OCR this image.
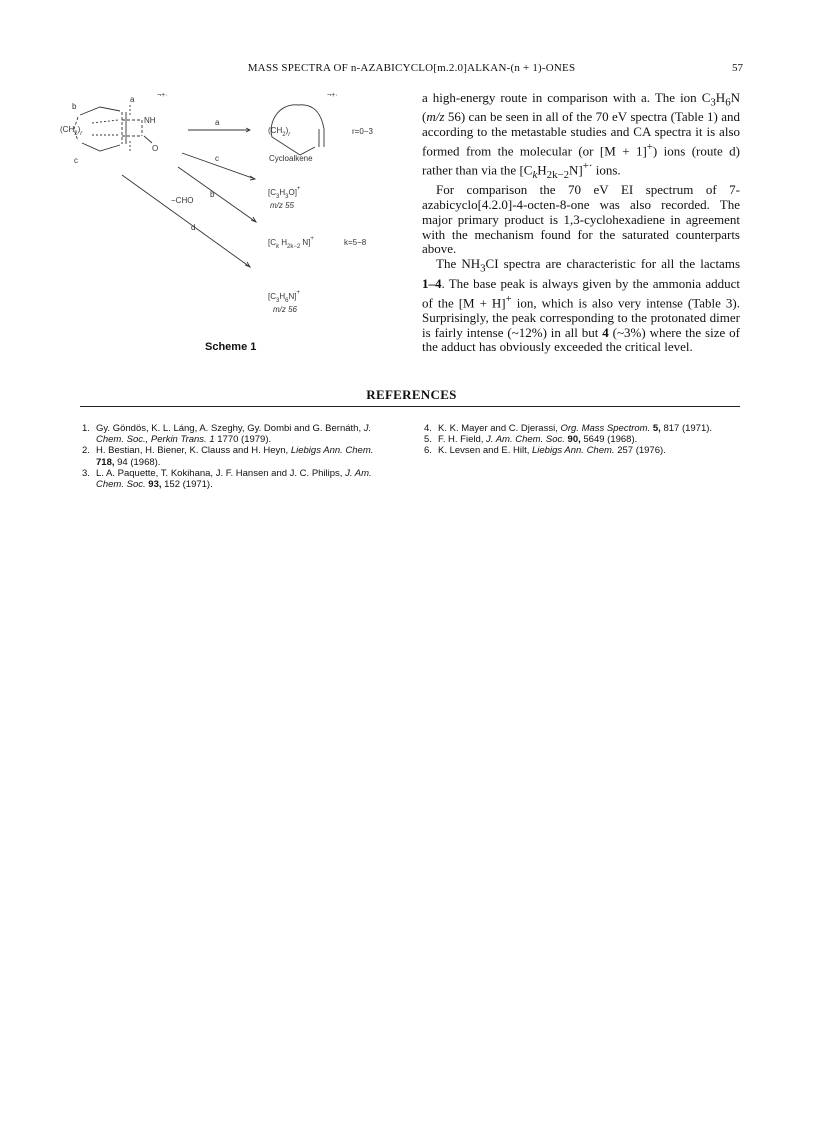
MASS SPECTRA OF n-AZABICYCLO[m.2.0]ALKAN-(n + 1)-ONES	57
b
a
c
NH
O
$(CH_2)_r$
¬+·
a
$(CH_2)_r$
¬+·
r=0−3
Cycloalkene
c
b
−CHO
d
$[C_3H_3O]^+$
m/z 55
[$C_k$ $H_{2k-2}$ N]+	k=5−8
$[C_3H_6N]^+$
m/z 56
Scheme 1

a high-energy route in comparison with a. The ion $C_3H_6N$ (m/z 56) can be seen in all of the 70 eV spectra (Table 1) and according to the metastable studies and CA spectra it is also formed from the molecular (or [M + 1]+) ions (route d) rather than via the $[C_kH_{2k-2}N]^{+\cdot}$ ions.

For comparison the 70 eV EI spectrum of 7-azabicyclo[4.2.0]-4-octen-8-one was also recorded. The major primary product is 1,3-cyclohexadiene in agreement with the mechanism found for the saturated counterparts above.

The $NH_3CI$ spectra are characteristic for all the lactams 1–4. The base peak is always given by the ammonia adduct of the [M + H]+ ion, which is also very intense (Table 3). Surprisingly, the peak corresponding to the protonated dimer is fairly intense (~12%) in all but 4 (~3%) where the size of the adduct has obviously exceeded the critical level.

REFERENCES
1. Gy. Göndös, K. L. Láng, A. Szeghy, Gy. Dombi and G. Bernáth, J. Chem. Soc., Perkin Trans. 1 1770 (1979).
2. H. Bestian, H. Biener, K. Clauss and H. Heyn, Liebigs Ann. Chem. 718, 94 (1968).
3. L. A. Paquette, T. Kokihana, J. F. Hansen and J. C. Philips, J. Am. Chem. Soc. 93, 152 (1971).
4. K. K. Mayer and C. Djerassi, Org. Mass Spectrom. 5, 817 (1971).
5. F. H. Field, J. Am. Chem. Soc. 90, 5649 (1968).
6. K. Levsen and E. Hilt, Liebigs Ann. Chem. 257 (1976).
